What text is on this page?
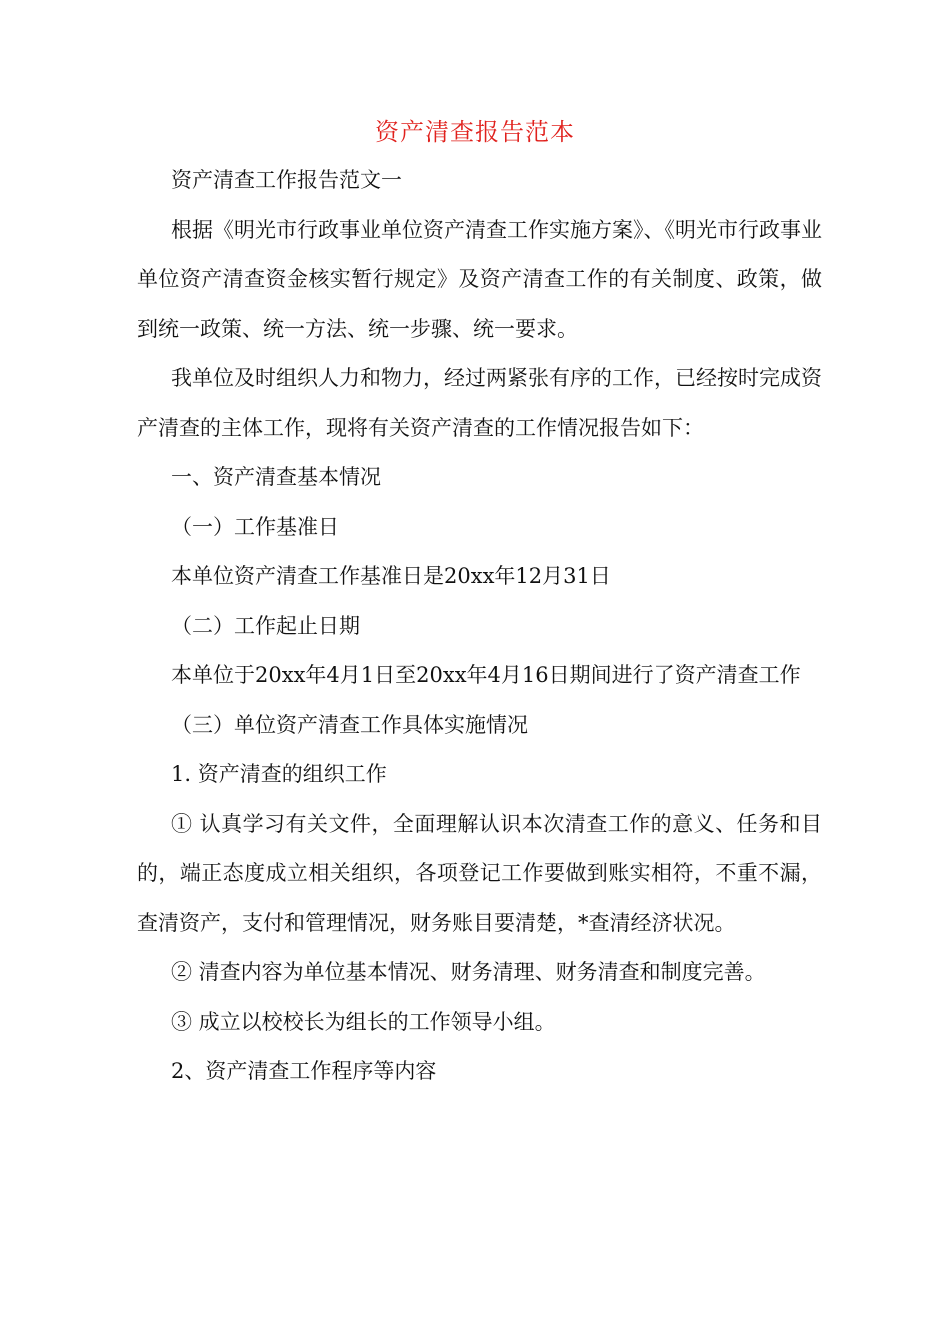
资产清查报告范本

资产清查工作报告范文一

根据《明光市行政事业单位资产清查工作实施方案》、《明光市行政事业单位资产清查资金核实暂行规定》及资产清查工作的有关制度、政策，做到统一政策、统一方法、统一步骤、统一要求。

我单位及时组织人力和物力，经过两紧张有序的工作，已经按时完成资产清查的主体工作，现将有关资产清查的工作情况报告如下：

一、资产清查基本情况

（一）工作基准日

本单位资产清查工作基准日是20xx年12月31日

（二）工作起止日期

本单位于20xx年4月1日至20xx年4月16日期间进行了资产清查工作

（三）单位资产清查工作具体实施情况

1. 资产清查的组织工作

① 认真学习有关文件，全面理解认识本次清查工作的意义、任务和目的，端正态度成立相关组织，各项登记工作要做到账实相符，不重不漏，查清资产，支付和管理情况，财务账目要清楚，*查清经济状况。

② 清查内容为单位基本情况、财务清理、财务清查和制度完善。

③ 成立以校校长为组长的工作领导小组。

2、资产清查工作程序等内容
